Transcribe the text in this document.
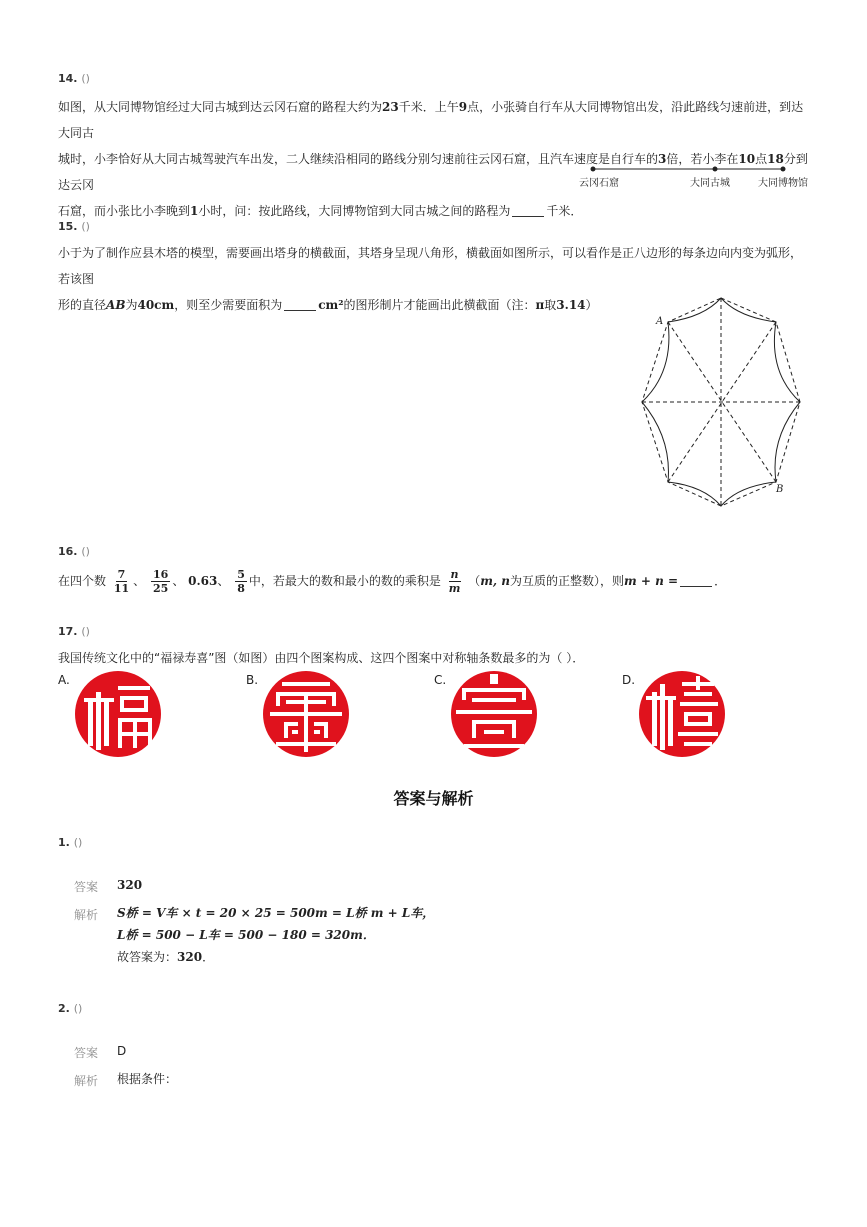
14. ()
如图，从大同博物馆经过大同古城到达云冈石窟的路程大约为23千米．上午9点，小张骑自行车从大同博物馆出发，沿此路线匀速前进，到达大同古
城时，小李恰好从大同古城驾驶汽车出发，二人继续沿相同的路线分别匀速前往云冈石窟，且汽车速度是自行车的3倍，若小李在10点18分到达云冈
石窟，而小张比小李晚到1小时，问：按此路线，大同博物馆到大同古城之间的路程为	千米．
云冈石窟	大同古城	大同博物馆
15. ()
小于为了制作应县木塔的模型，需要画出塔身的横截面，其塔身呈现八角形，横截面如图所示，可以看作是正八边形的每条边向内变为弧形，若该图
形的直径AB为40cm，则至少需要面积为	cm²的图形制片才能画出此横截面（注：π取3.14）
A
B
16. ()
在四个数 $\frac{7}{11}$ 、 $\frac{16}{25}$ 、 0.63、 $\frac{5}{8}$ 中，若最大的数和最小的数的乘积是 $\frac{n}{m} (m$, n为互质的正整数），则m + n =	．
17. ()
我国传统文化中的“福禄寿喜”图（如图）由四个图案构成、这四个图案中对称轴条数最多的为（ ）．
A.	B.	C.	D.
答案与解析
1. ()
答案 320
解析 S桥 = V车 × t = 20 × 25 = 500m = L桥 m + L车，
L桥 = 500 − L车 = 500 − 180 = 320m．
故答案为：320．
2. ()
答案 D
解析 根据条件：
